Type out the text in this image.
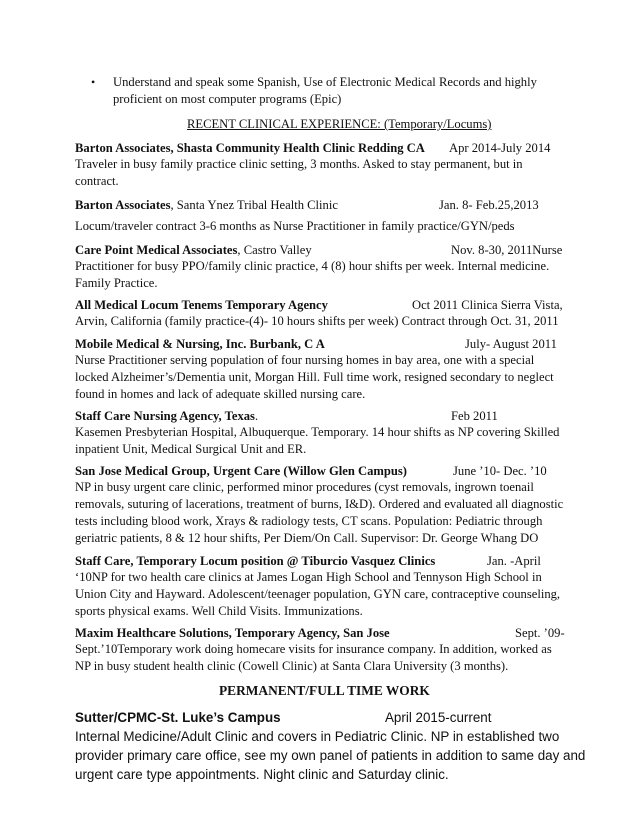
• Understand and speak some Spanish, Use of Electronic Medical Records and highly
proficient on most computer programs (Epic)
RECENT CLINICAL EXPERIENCE: (Temporary/Locums)
Barton Associates, Shasta Community Health Clinic Redding CA Apr 2014-July 2014
Traveler in busy family practice clinic setting, 3 months. Asked to stay permanent, but in
contract.
Barton Associates, Santa Ynez Tribal Health Clinic	Jan. 8- Feb.25,2013
Locum/traveler contract 3-6 months as Nurse Practitioner in family practice/GYN/peds
Care Point Medical Associates, Castro Valley	Nov. 8-30, 2011Nurse
Practitioner for busy PPO/family clinic practice, 4 (8) hour shifts per week. Internal medicine.
Family Practice.
All Medical Locum Tenems Temporary Agency	Oct 2011 Clinica Sierra Vista,
Arvin, California (family practice-(4)- 10 hours shifts per week) Contract through Oct. 31, 2011
Mobile Medical & Nursing, Inc. Burbank, C A	July- August 2011
Nurse Practitioner serving population of four nursing homes in bay area, one with a special
locked Alzheimer’s/Dementia unit, Morgan Hill. Full time work, resigned secondary to neglect
found in homes and lack of adequate skilled nursing care.
Staff Care Nursing Agency, Texas.	Feb 2011
Kasemen Presbyterian Hospital, Albuquerque. Temporary. 14 hour shifts as NP covering Skilled
inpatient Unit, Medical Surgical Unit and ER.
San Jose Medical Group, Urgent Care (Willow Glen Campus)	June ’10- Dec. ’10
NP in busy urgent care clinic, performed minor procedures (cyst removals, ingrown toenail
removals, suturing of lacerations, treatment of burns, I&D). Ordered and evaluated all diagnostic
tests including blood work, Xrays & radiology tests, CT scans. Population: Pediatric through
geriatric patients, 8 & 12 hour shifts, Per Diem/On Call. Supervisor: Dr. George Whang DO
Staff Care, Temporary Locum position @ Tiburcio Vasquez Clinics	Jan. -April
‘10NP for two health care clinics at James Logan High School and Tennyson High School in
Union City and Hayward. Adolescent/teenager population, GYN care, contraceptive counseling,
sports physical exams. Well Child Visits. Immunizations.
Maxim Healthcare Solutions, Temporary Agency, San Jose	Sept. ’09-
Sept.’10Temporary work doing homecare visits for insurance company. In addition, worked as
NP in busy student health clinic (Cowell Clinic) at Santa Clara University (3 months).
PERMANENT/FULL TIME WORK
Sutter/CPMC-St. Luke’s Campus	April 2015-current
Internal Medicine/Adult Clinic and covers in Pediatric Clinic. NP in established two
provider primary care office, see my own panel of patients in addition to same day and
urgent care type appointments. Night clinic and Saturday clinic.
